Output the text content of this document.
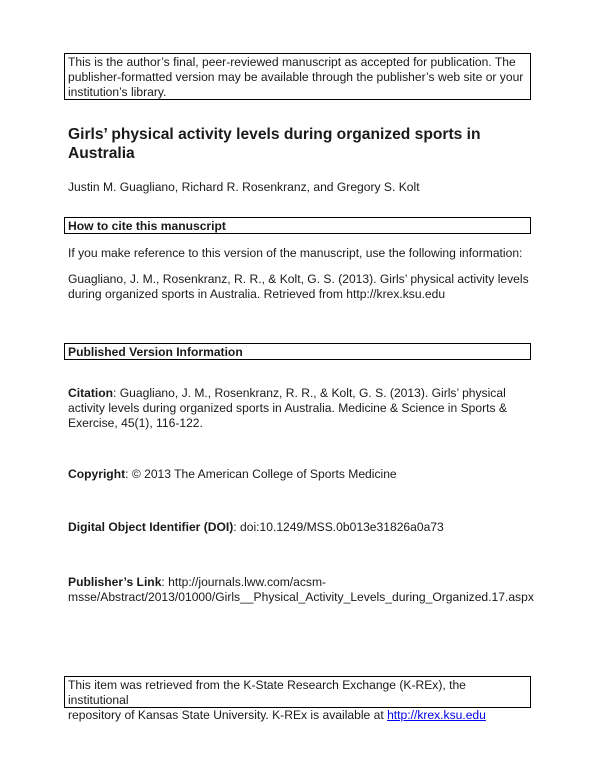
This is the author’s final, peer-reviewed manuscript as accepted for publication. The
publisher-formatted version may be available through the publisher’s web site or your
institution’s library.
Girls’ physical activity levels during organized sports in
Australia
Justin M. Guagliano, Richard R. Rosenkranz, and Gregory S. Kolt
How to cite this manuscript
If you make reference to this version of the manuscript, use the following information:
Guagliano, J. M., Rosenkranz, R. R., & Kolt, G. S. (2013). Girls’ physical activity levels
during organized sports in Australia. Retrieved from http://krex.ksu.edu
Published Version Information
Citation: Guagliano, J. M., Rosenkranz, R. R., & Kolt, G. S. (2013). Girls’ physical
activity levels during organized sports in Australia. Medicine & Science in Sports &
Exercise, 45(1), 116-122.
Copyright: © 2013 The American College of Sports Medicine
Digital Object Identifier (DOI): doi:10.1249/MSS.0b013e31826a0a73
Publisher’s Link: http://journals.lww.com/acsm-
msse/Abstract/2013/01000/Girls__Physical_Activity_Levels_during_Organized.17.aspx
This item was retrieved from the K-State Research Exchange (K-REx), the institutional
repository of Kansas State University. K-REx is available at http://krex.ksu.edu
